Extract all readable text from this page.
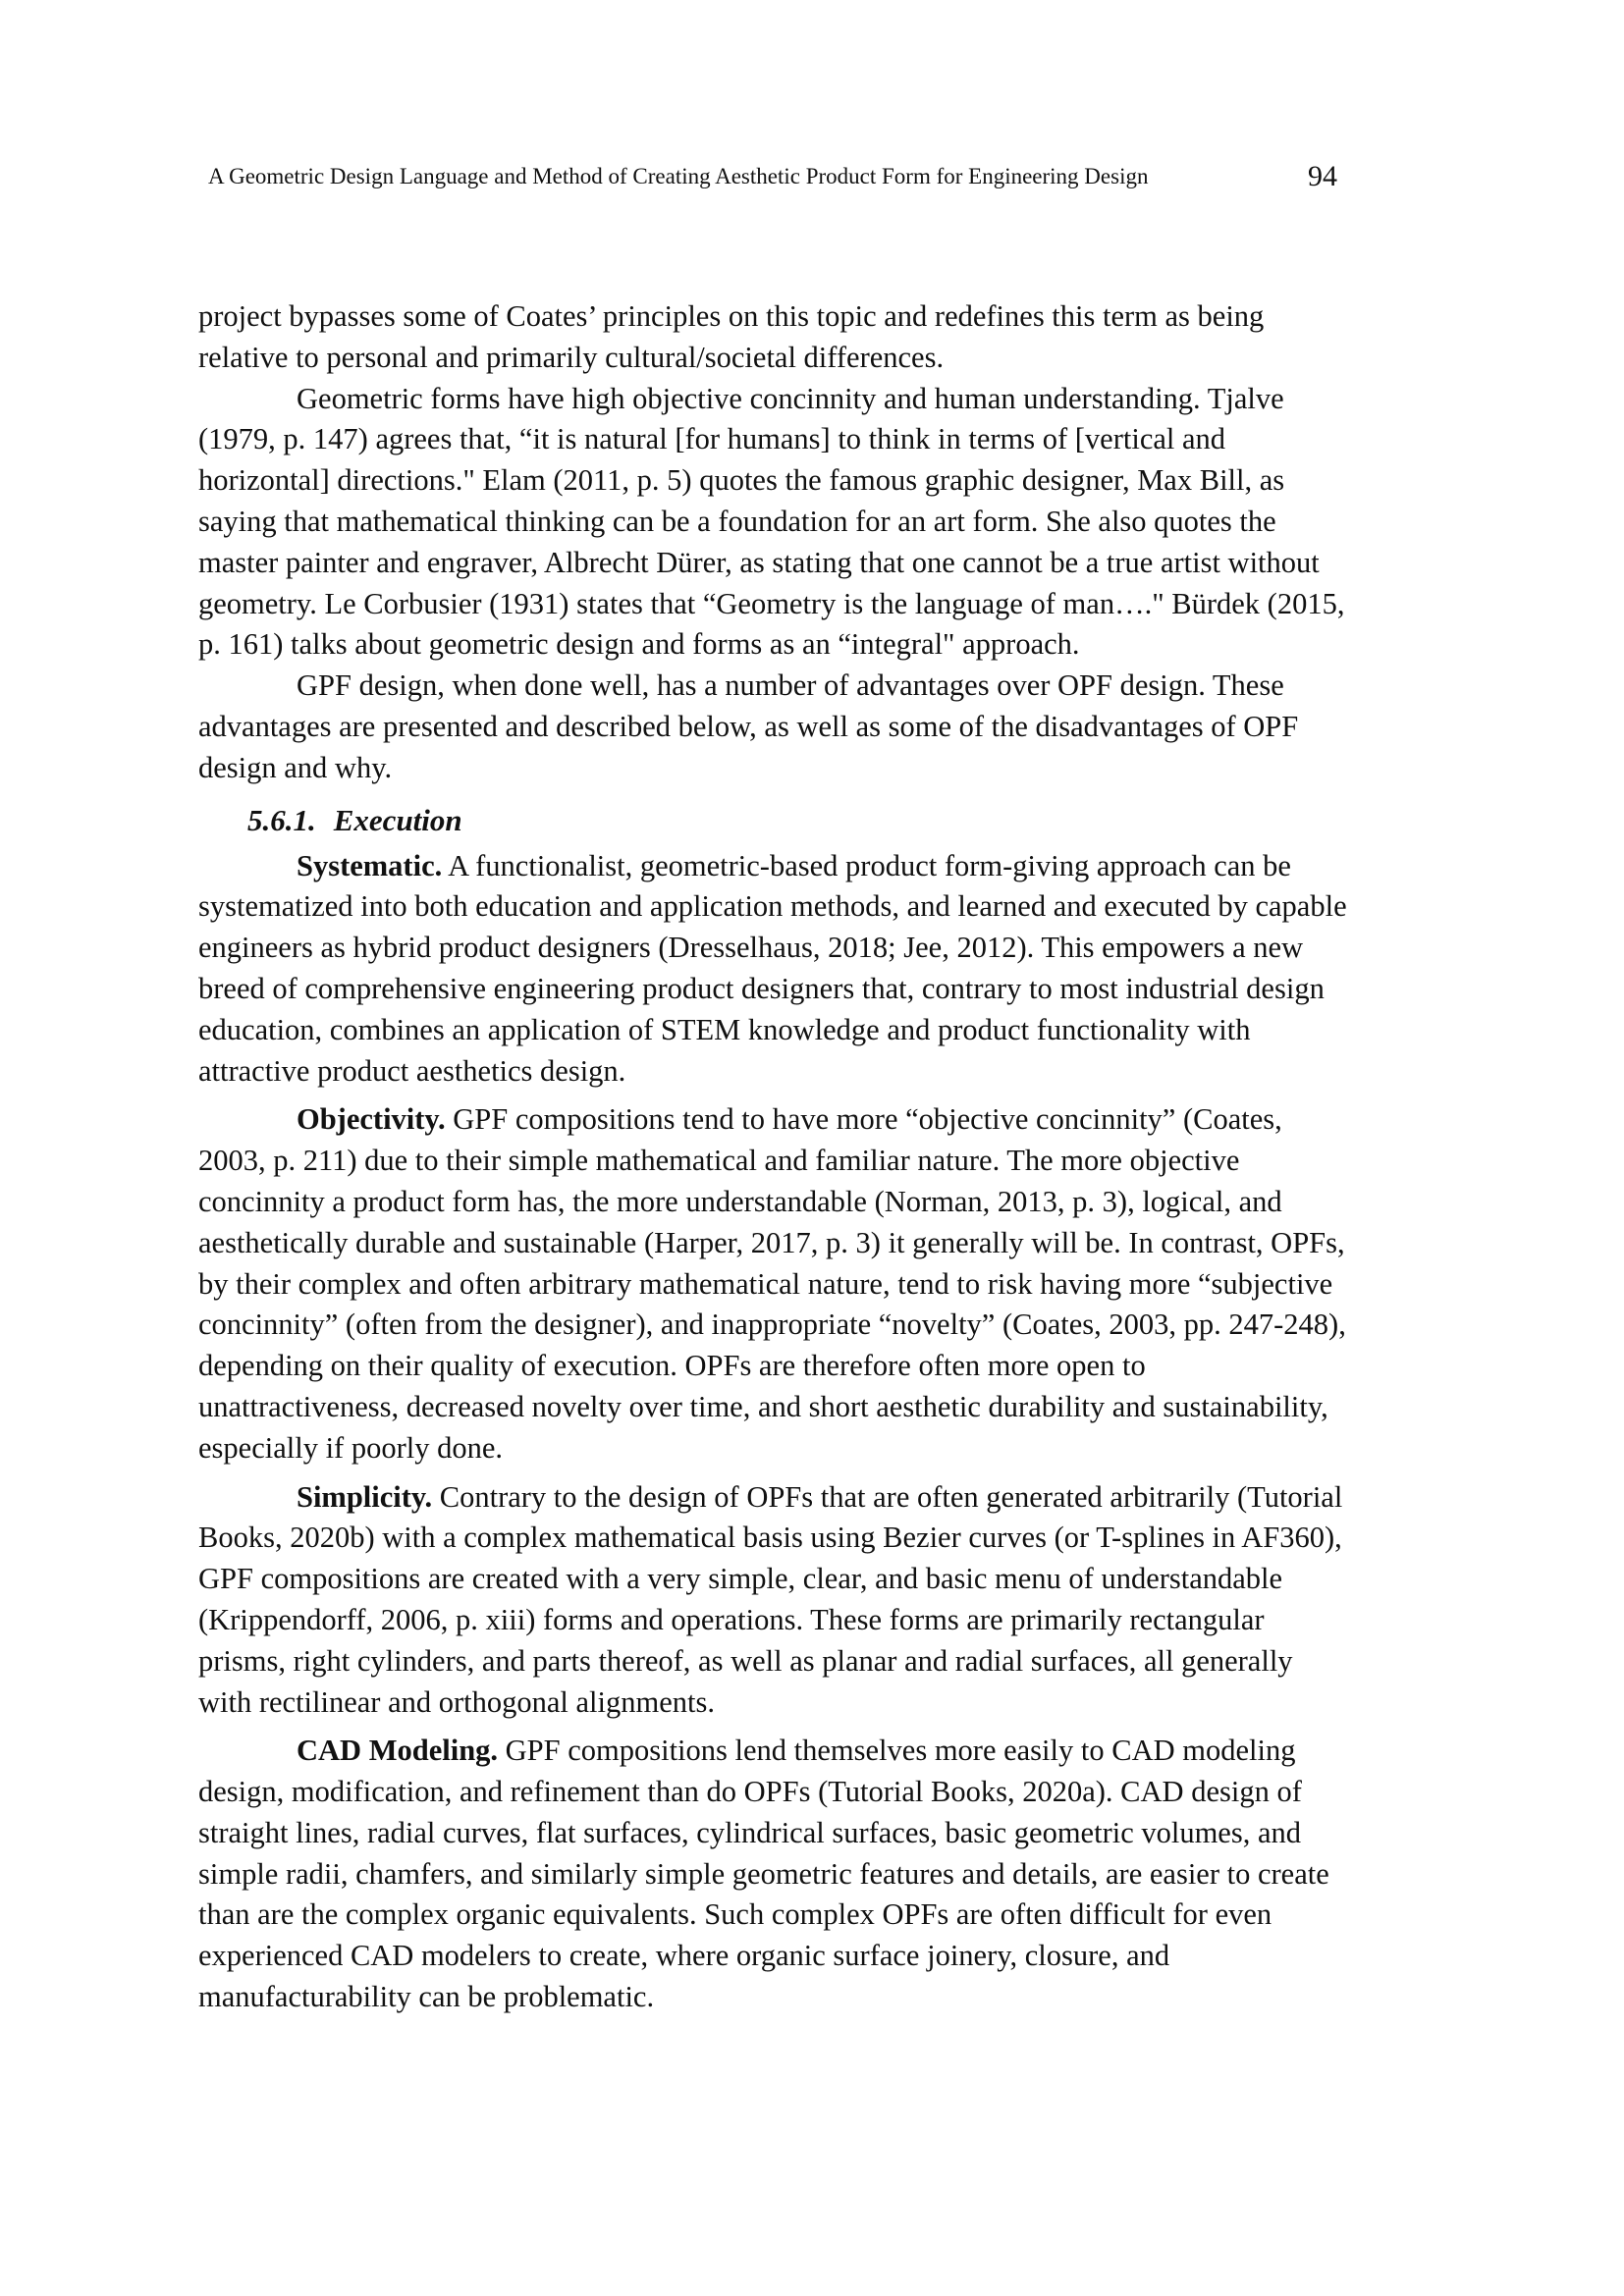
A Geometric Design Language and Method of Creating Aesthetic Product Form for Engineering Design	94

project bypasses some of Coates’ principles on this topic and redefines this term as being relative to personal and primarily cultural/societal differences.

Geometric forms have high objective concinnity and human understanding. Tjalve (1979, p. 147) agrees that, “it is natural [for humans] to think in terms of [vertical and horizontal] directions." Elam (2011, p. 5) quotes the famous graphic designer, Max Bill, as saying that mathematical thinking can be a foundation for an art form. She also quotes the master painter and engraver, Albrecht Dürer, as stating that one cannot be a true artist without geometry. Le Corbusier (1931) states that “Geometry is the language of man…." Bürdek (2015, p. 161) talks about geometric design and forms as an “integral" approach.

GPF design, when done well, has a number of advantages over OPF design. These advantages are presented and described below, as well as some of the disadvantages of OPF design and why.

5.6.1. Execution

Systematic. A functionalist, geometric-based product form-giving approach can be systematized into both education and application methods, and learned and executed by capable engineers as hybrid product designers (Dresselhaus, 2018; Jee, 2012). This empowers a new breed of comprehensive engineering product designers that, contrary to most industrial design education, combines an application of STEM knowledge and product functionality with attractive product aesthetics design.

Objectivity. GPF compositions tend to have more “objective concinnity” (Coates, 2003, p. 211) due to their simple mathematical and familiar nature. The more objective concinnity a product form has, the more understandable (Norman, 2013, p. 3), logical, and aesthetically durable and sustainable (Harper, 2017, p. 3) it generally will be. In contrast, OPFs, by their complex and often arbitrary mathematical nature, tend to risk having more “subjective concinnity” (often from the designer), and inappropriate “novelty” (Coates, 2003, pp. 247-248), depending on their quality of execution. OPFs are therefore often more open to unattractiveness, decreased novelty over time, and short aesthetic durability and sustainability, especially if poorly done.

Simplicity. Contrary to the design of OPFs that are often generated arbitrarily (Tutorial Books, 2020b) with a complex mathematical basis using Bezier curves (or T-splines in AF360), GPF compositions are created with a very simple, clear, and basic menu of understandable (Krippendorff, 2006, p. xiii) forms and operations. These forms are primarily rectangular prisms, right cylinders, and parts thereof, as well as planar and radial surfaces, all generally with rectilinear and orthogonal alignments.

CAD Modeling. GPF compositions lend themselves more easily to CAD modeling design, modification, and refinement than do OPFs (Tutorial Books, 2020a). CAD design of straight lines, radial curves, flat surfaces, cylindrical surfaces, basic geometric volumes, and simple radii, chamfers, and similarly simple geometric features and details, are easier to create than are the complex organic equivalents. Such complex OPFs are often difficult for even experienced CAD modelers to create, where organic surface joinery, closure, and manufacturability can be problematic.
